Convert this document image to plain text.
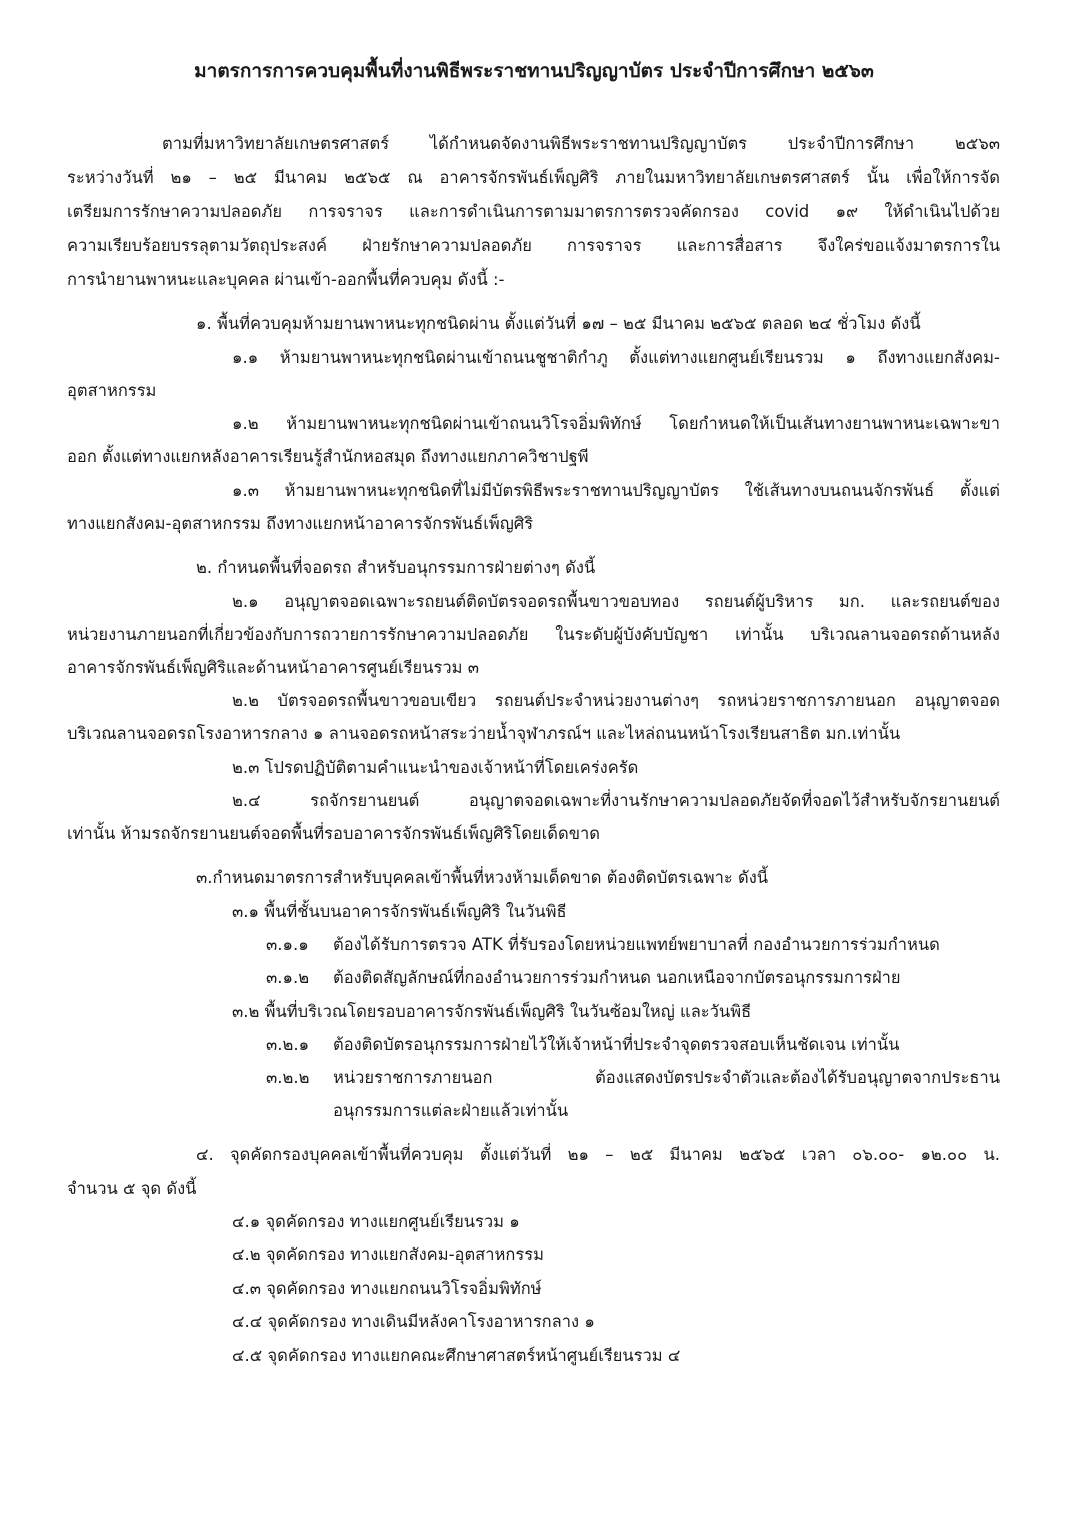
มาตรการการควบคุมพื้นที่งานพิธีพระราชทานปริญญาบัตร ประจำปีการศึกษา ๒๕๖๓
ตามที่มหาวิทยาลัยเกษตรศาสตร์ ได้กำหนดจัดงานพิธีพระราชทานปริญญาบัตร ประจำปีการศึกษา ๒๕๖๓
ระหว่างวันที่ ๒๑ – ๒๕ มีนาคม ๒๕๖๕ ณ อาคารจักรพันธ์เพ็ญศิริ ภายในมหาวิทยาลัยเกษตรศาสตร์ นั้น เพื่อให้การจัด
เตรียมการรักษาความปลอดภัย การจราจร และการดำเนินการตามมาตรการตรวจคัดกรอง covid ๑๙ ให้ดำเนินไปด้วย
ความเรียบร้อยบรรลุตามวัตถุประสงค์ ฝ่ายรักษาความปลอดภัย การจราจร และการสื่อสาร จึงใคร่ขอแจ้งมาตรการใน
การนำยานพาหนะและบุคคล ผ่านเข้า-ออกพื้นที่ควบคุม ดังนี้ :-
๑. พื้นที่ควบคุมห้ามยานพาหนะทุกชนิดผ่าน ตั้งแต่วันที่ ๑๗ – ๒๕ มีนาคม ๒๕๖๕ ตลอด ๒๔ ชั่วโมง ดังนี้
๑.๑ ห้ามยานพาหนะทุกชนิดผ่านเข้าถนนชูชาติกำภู ตั้งแต่ทางแยกศูนย์เรียนรวม ๑ ถึงทางแยกสังคม-
อุตสาหกรรม
๑.๒ ห้ามยานพาหนะทุกชนิดผ่านเข้าถนนวิโรจอิ่มพิทักษ์ โดยกำหนดให้เป็นเส้นทางยานพาหนะเฉพาะขา
ออก ตั้งแต่ทางแยกหลังอาคารเรียนรู้สำนักหอสมุด ถึงทางแยกภาควิชาปฐพี
๑.๓ ห้ามยานพาหนะทุกชนิดที่ไม่มีบัตรพิธีพระราชทานปริญญาบัตร ใช้เส้นทางบนถนนจักรพันธ์ ตั้งแต่
ทางแยกสังคม-อุตสาหกรรม ถึงทางแยกหน้าอาคารจักรพันธ์เพ็ญศิริ
๒. กำหนดพื้นที่จอดรถ สำหรับอนุกรรมการฝ่ายต่างๆ ดังนี้
๒.๑ อนุญาตจอดเฉพาะรถยนต์ติดบัตรจอดรถพื้นขาวขอบทอง รถยนต์ผู้บริหาร มก. และรถยนต์ของ
หน่วยงานภายนอกที่เกี่ยวข้องกับการถวายการรักษาความปลอดภัย ในระดับผู้บังคับบัญชา เท่านั้น บริเวณลานจอดรถด้านหลัง
อาคารจักรพันธ์เพ็ญศิริและด้านหน้าอาคารศูนย์เรียนรวม ๓
๒.๒ บัตรจอดรถพื้นขาวขอบเขียว รถยนต์ประจำหน่วยงานต่างๆ รถหน่วยราชการภายนอก อนุญาตจอด
บริเวณลานจอดรถโรงอาหารกลาง ๑ ลานจอดรถหน้าสระว่ายน้ำจุฬาภรณ์ฯ และไหล่ถนนหน้าโรงเรียนสาธิต มก.เท่านั้น
๒.๓ โปรดปฏิบัติตามคำแนะนำของเจ้าหน้าที่โดยเคร่งครัด
๒.๔ รถจักรยานยนต์ อนุญาตจอดเฉพาะที่งานรักษาความปลอดภัยจัดที่จอดไว้สำหรับจักรยานยนต์
เท่านั้น ห้ามรถจักรยานยนต์จอดพื้นที่รอบอาคารจักรพันธ์เพ็ญศิริโดยเด็ดขาด
๓.กำหนดมาตรการสำหรับบุคคลเข้าพื้นที่หวงห้ามเด็ดขาด ต้องติดบัตรเฉพาะ ดังนี้
๓.๑ พื้นที่ชั้นบนอาคารจักรพันธ์เพ็ญศิริ ในวันพิธี
๓.๑.๑ ต้องได้รับการตรวจ ATK ที่รับรองโดยหน่วยแพทย์พยาบาลที่ กองอำนวยการร่วมกำหนด
๓.๑.๒ ต้องติดสัญลักษณ์ที่กองอำนวยการร่วมกำหนด นอกเหนือจากบัตรอนุกรรมการฝ่าย
๓.๒ พื้นที่บริเวณโดยรอบอาคารจักรพันธ์เพ็ญศิริ ในวันซ้อมใหญ่ และวันพิธี
๓.๒.๑ ต้องติดบัตรอนุกรรมการฝ่ายไว้ให้เจ้าหน้าที่ประจำจุดตรวจสอบเห็นชัดเจน เท่านั้น
๓.๒.๒ หน่วยราชการภายนอก ต้องแสดงบัตรประจำตัวและต้องได้รับอนุญาตจากประธาน
อนุกรรมการแต่ละฝ่ายแล้วเท่านั้น
๔. จุดคัดกรองบุคคลเข้าพื้นที่ควบคุม ตั้งแต่วันที่ ๒๑ – ๒๕ มีนาคม ๒๕๖๕ เวลา ๐๖.๐๐- ๑๒.๐๐ น.
จำนวน ๕ จุด ดังนี้
๔.๑ จุดคัดกรอง ทางแยกศูนย์เรียนรวม ๑
๔.๒ จุดคัดกรอง ทางแยกสังคม-อุตสาหกรรม
๔.๓ จุดคัดกรอง ทางแยกถนนวิโรจอิ่มพิทักษ์
๔.๔ จุดคัดกรอง ทางเดินมีหลังคาโรงอาหารกลาง ๑
๔.๕ จุดคัดกรอง ทางแยกคณะศึกษาศาสตร์หน้าศูนย์เรียนรวม ๔
